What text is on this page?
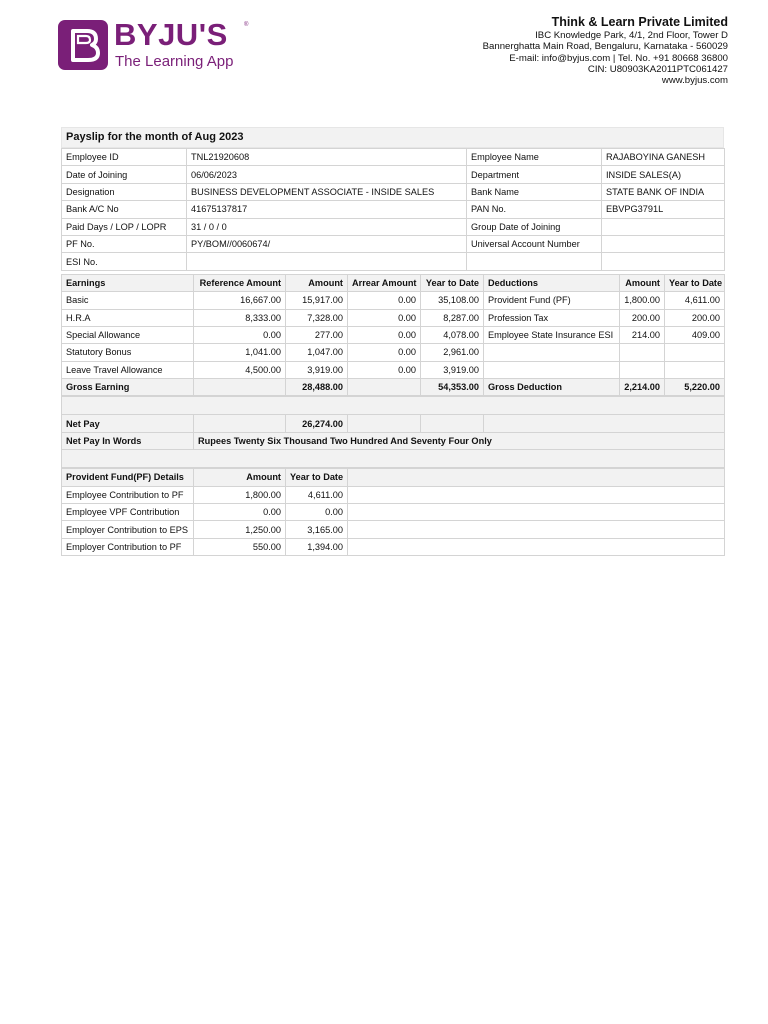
BYJU'S	®
The Learning App
Think & Learn Private Limited
IBC Knowledge Park, 4/1, 2nd Floor, Tower D
Bannerghatta Main Road, Bengaluru, Karnataka - 560029
E-mail: info@byjus.com | Tel. No. +91 80668 36800
CIN: U80903KA2011PTC061427
www.byjus.com
Payslip for the month of Aug 2023
Employee ID	TNL21920608	Employee Name	RAJABOYINA GANESH
Date of Joining	06/06/2023	Department	INSIDE SALES(A)
Designation	BUSINESS DEVELOPMENT ASSOCIATE - INSIDE SALES	Bank Name	STATE BANK OF INDIA
Bank A/C No	41675137817	PAN No.	EBVPG3791L
Paid Days / LOP / LOPR	31 / 0 / 0	Group Date of Joining	
PF No.	PY/BOM//0060674/	Universal Account Number	
ESI No.			
Earnings	Reference Amount	Amount	Arrear Amount	Year to Date	Deductions	Amount	Year to Date
Basic	16,667.00	15,917.00	0.00	35,108.00	Provident Fund (PF)	1,800.00	4,611.00
H.R.A	8,333.00	7,328.00	0.00	8,287.00	Profession Tax	200.00	200.00
Special Allowance	0.00	277.00	0.00	4,078.00	Employee State Insurance ESI	214.00	409.00
Statutory Bonus	1,041.00	1,047.00	0.00	2,961.00			
Leave Travel Allowance	4,500.00	3,919.00	0.00	3,919.00			
Gross Earning		28,488.00		54,353.00	Gross Deduction	2,214.00	5,220.00

Net Pay		26,274.00			
Net Pay In Words	Rupees Twenty Six Thousand Two Hundred And Seventy Four Only				

Provident Fund(PF) Details	Amount	Year to Date	
Employee Contribution to PF	1,800.00	4,611.00	
Employee VPF Contribution	0.00	0.00	
Employer Contribution to EPS	1,250.00	3,165.00	
Employer Contribution to PF	550.00	1,394.00	
